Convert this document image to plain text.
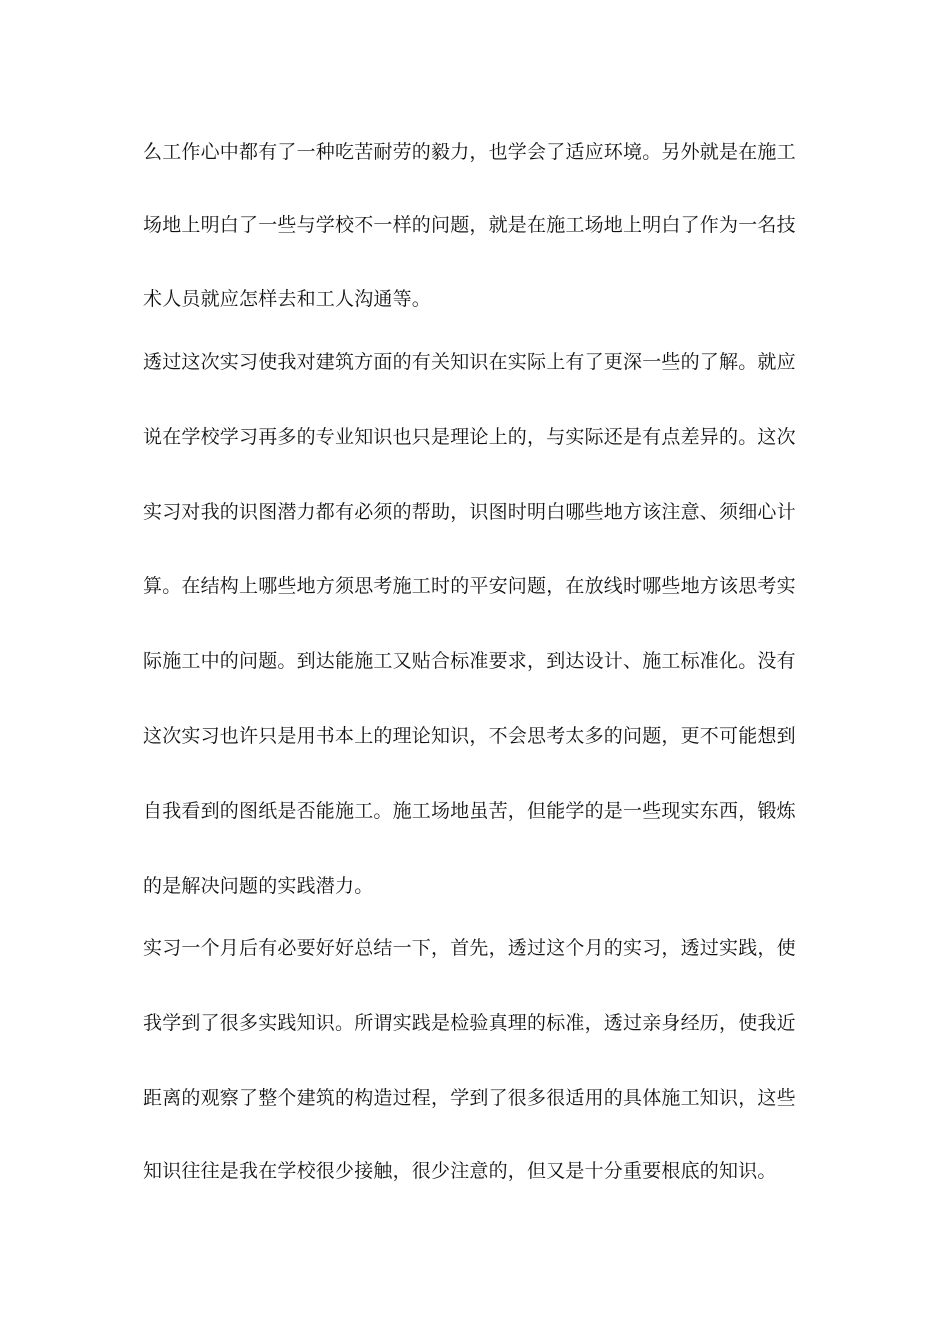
么工作心中都有了一种吃苦耐劳的毅力，也学会了适应环境。另外就是在施工
场地上明白了一些与学校不一样的问题，就是在施工场地上明白了作为一名技
术人员就应怎样去和工人沟通等。
透过这次实习使我对建筑方面的有关知识在实际上有了更深一些的了解。就应
说在学校学习再多的专业知识也只是理论上的，与实际还是有点差异的。这次
实习对我的识图潜力都有必须的帮助，识图时明白哪些地方该注意、须细心计
算。在结构上哪些地方须思考施工时的平安问题，在放线时哪些地方该思考实
际施工中的问题。到达能施工又贴合标准要求，到达设计、施工标准化。没有
这次实习也许只是用书本上的理论知识，不会思考太多的问题，更不可能想到
自我看到的图纸是否能施工。施工场地虽苦，但能学的是一些现实东西，锻炼
的是解决问题的实践潜力。
实习一个月后有必要好好总结一下，首先，透过这个月的实习，透过实践，使
我学到了很多实践知识。所谓实践是检验真理的标准，透过亲身经历，使我近
距离的观察了整个建筑的构造过程，学到了很多很适用的具体施工知识，这些
知识往往是我在学校很少接触，很少注意的，但又是十分重要根底的知识。
